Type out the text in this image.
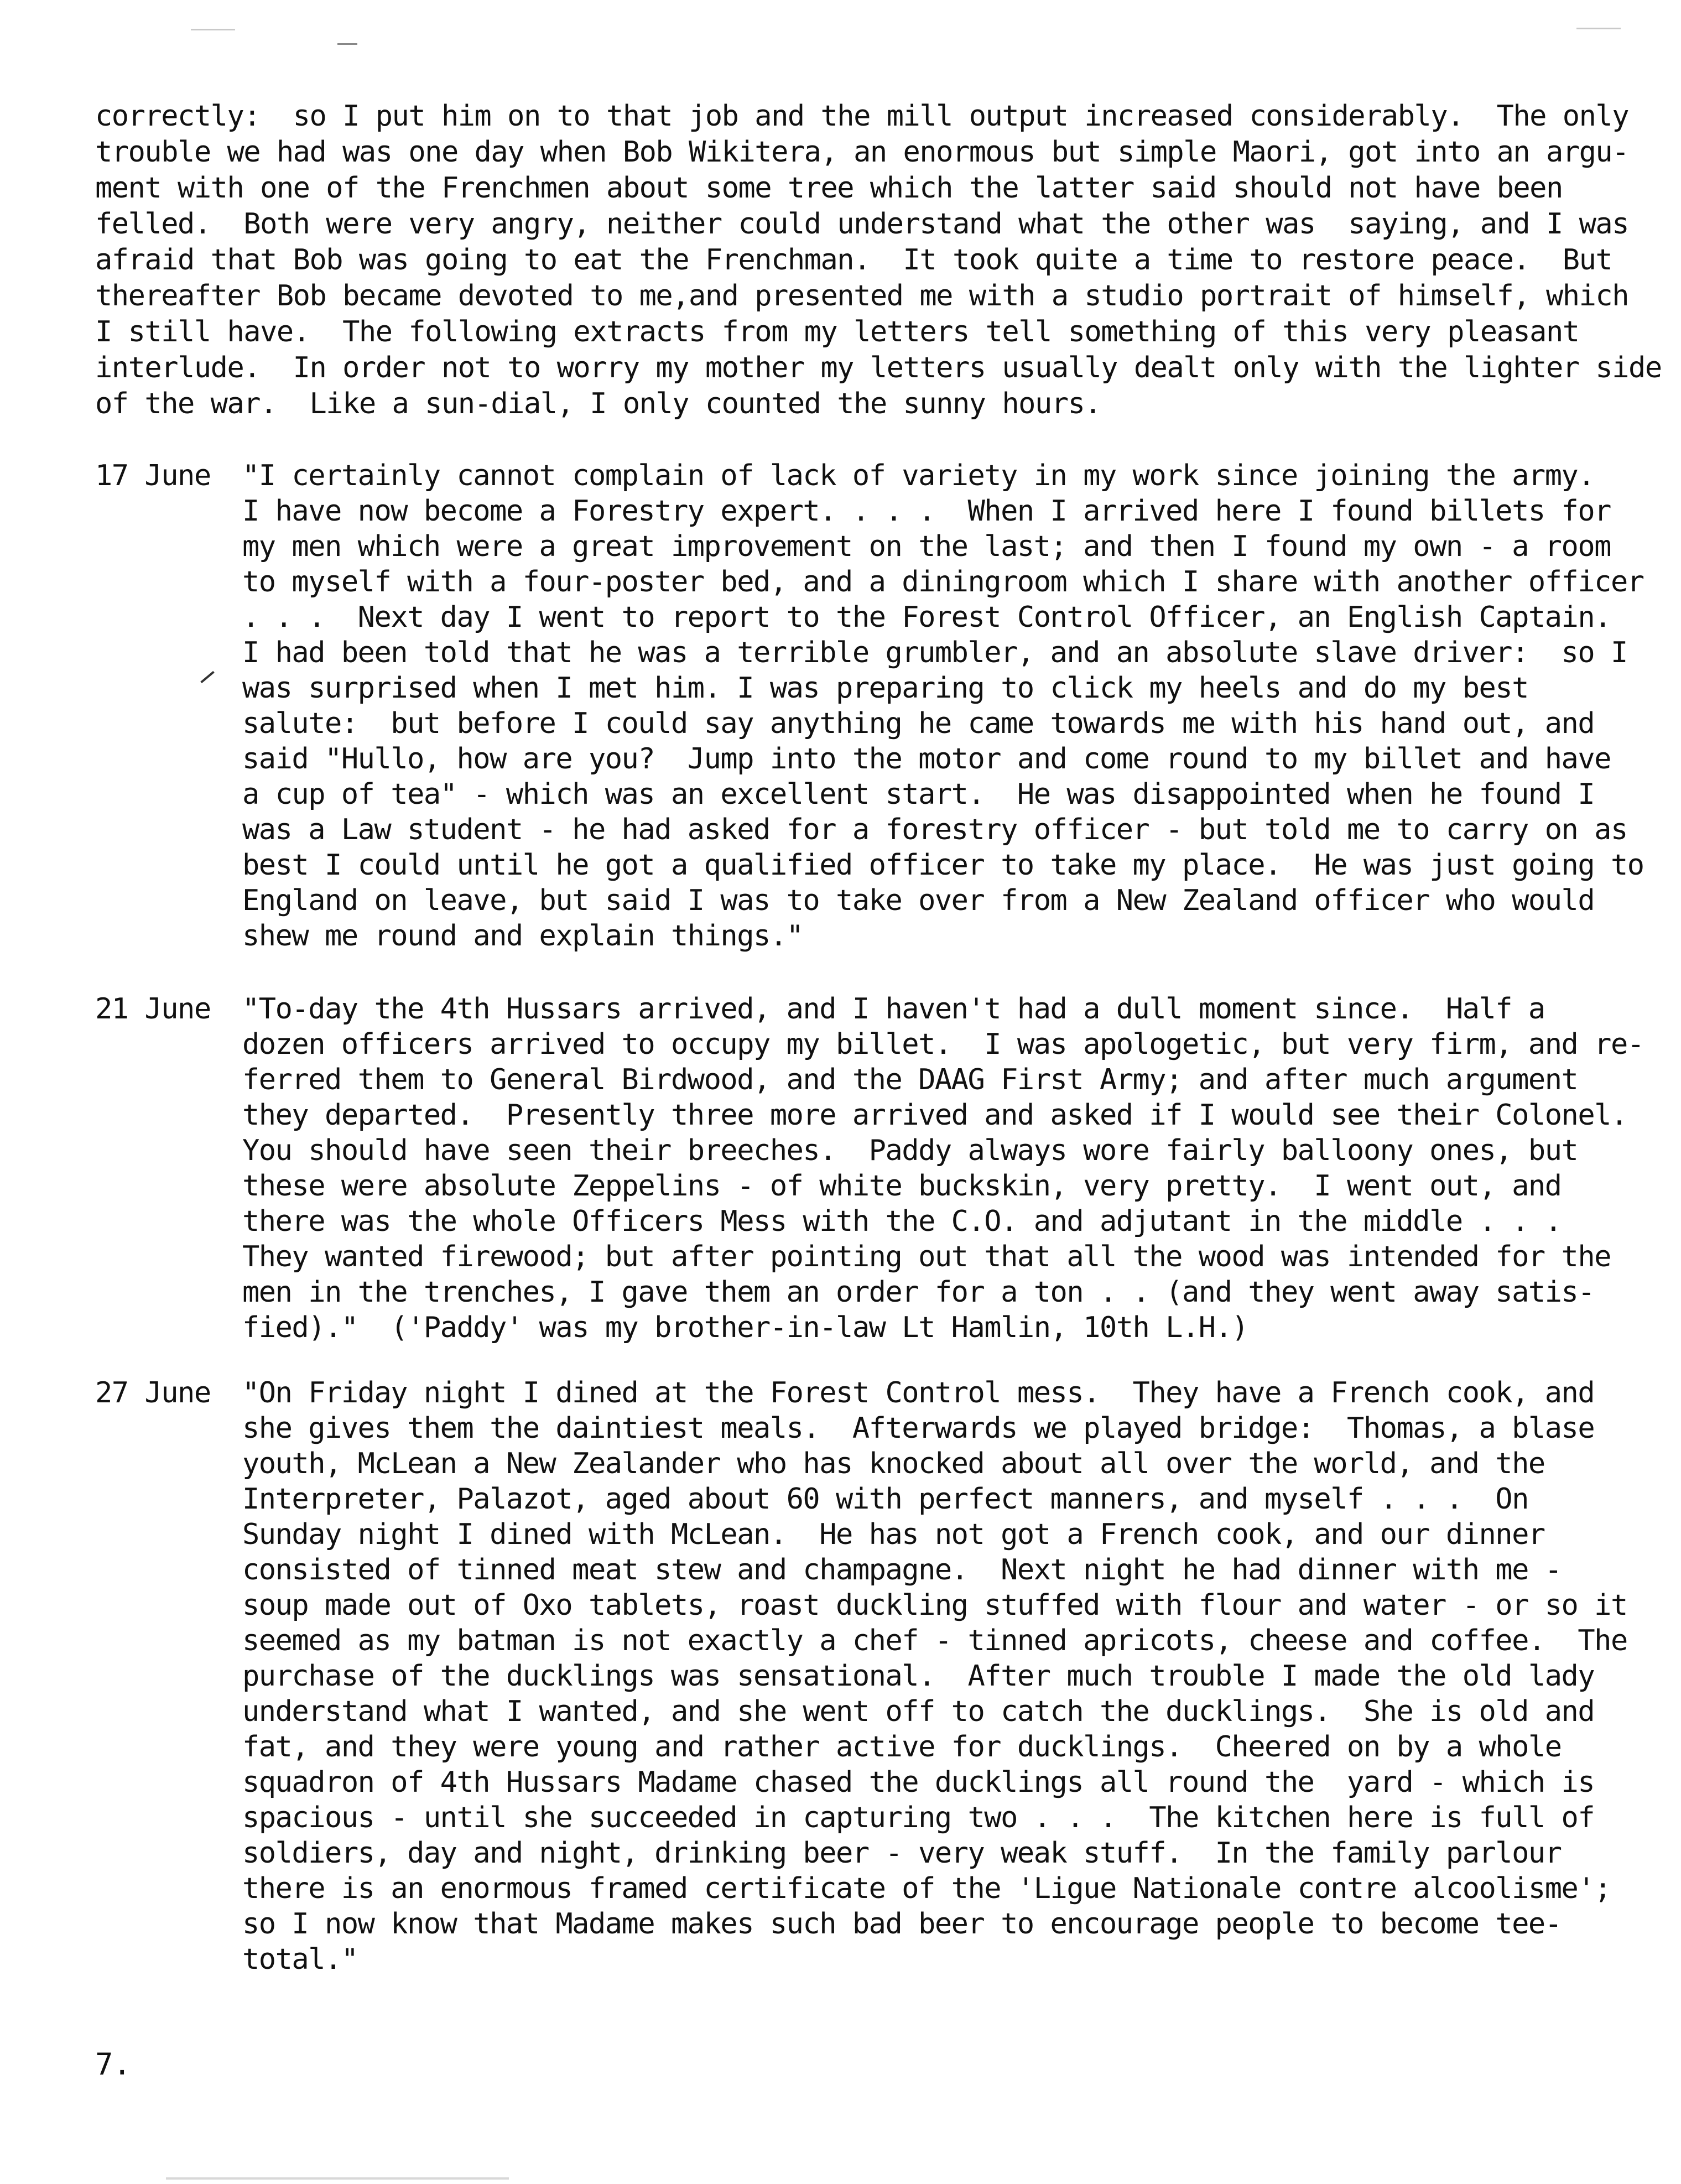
correctly:  so I put him on to that job and the mill output increased considerably.  The only
trouble we had was one day when Bob Wikitera, an enormous but simple Maori, got into an argu-
ment with one of the Frenchmen about some tree which the latter said should not have been
felled.  Both were very angry, neither could understand what the other was  saying, and I was
afraid that Bob was going to eat the Frenchman.  It took quite a time to restore peace.  But
thereafter Bob became devoted to me,and presented me with a studio portrait of himself, which
I still have.  The following extracts from my letters tell something of this very pleasant
interlude.  In order not to worry my mother my letters usually dealt only with the lighter side
of the war.  Like a sun-dial, I only counted the sunny hours.
17 June	"I certainly cannot complain of lack of variety in my work since joining the army.
I have now become a Forestry expert. . . .  When I arrived here I found billets for
my men which were a great improvement on the last; and then I found my own - a room
to myself with a four-poster bed, and a diningroom which I share with another officer
. . .  Next day I went to report to the Forest Control Officer, an English Captain.
I had been told that he was a terrible grumbler, and an absolute slave driver:  so I
was surprised when I met him. I was preparing to click my heels and do my best
salute:  but before I could say anything he came towards me with his hand out, and
said "Hullo, how are you?  Jump into the motor and come round to my billet and have
a cup of tea" - which was an excellent start.  He was disappointed when he found I
was a Law student - he had asked for a forestry officer - but told me to carry on as
best I could until he got a qualified officer to take my place.  He was just going to
England on leave, but said I was to take over from a New Zealand officer who would
shew me round and explain things."
21 June	"To-day the 4th Hussars arrived, and I haven't had a dull moment since.  Half a
dozen officers arrived to occupy my billet.  I was apologetic, but very firm, and re-
ferred them to General Birdwood, and the DAAG First Army; and after much argument
they departed.  Presently three more arrived and asked if I would see their Colonel.
You should have seen their breeches.  Paddy always wore fairly balloony ones, but
these were absolute Zeppelins - of white buckskin, very pretty.  I went out, and
there was the whole Officers Mess with the C.O. and adjutant in the middle . . .
They wanted firewood; but after pointing out that all the wood was intended for the
men in the trenches, I gave them an order for a ton . . (and they went away satis-
fied)."  ('Paddy' was my brother-in-law Lt Hamlin, 10th L.H.)
27 June	"On Friday night I dined at the Forest Control mess.  They have a French cook, and
she gives them the daintiest meals.  Afterwards we played bridge:  Thomas, a blase
youth, McLean a New Zealander who has knocked about all over the world, and the
Interpreter, Palazot, aged about 60 with perfect manners, and myself . . .  On
Sunday night I dined with McLean.  He has not got a French cook, and our dinner
consisted of tinned meat stew and champagne.  Next night he had dinner with me -
soup made out of Oxo tablets, roast duckling stuffed with flour and water - or so it
seemed as my batman is not exactly a chef - tinned apricots, cheese and coffee.  The
purchase of the ducklings was sensational.  After much trouble I made the old lady
understand what I wanted, and she went off to catch the ducklings.  She is old and
fat, and they were young and rather active for ducklings.  Cheered on by a whole
squadron of 4th Hussars Madame chased the ducklings all round the  yard - which is
spacious - until she succeeded in capturing two . . .  The kitchen here is full of
soldiers, day and night, drinking beer - very weak stuff.  In the family parlour
there is an enormous framed certificate of the 'Ligue Nationale contre alcoolisme';
so I now know that Madame makes such bad beer to encourage people to become tee-
total."
7.
